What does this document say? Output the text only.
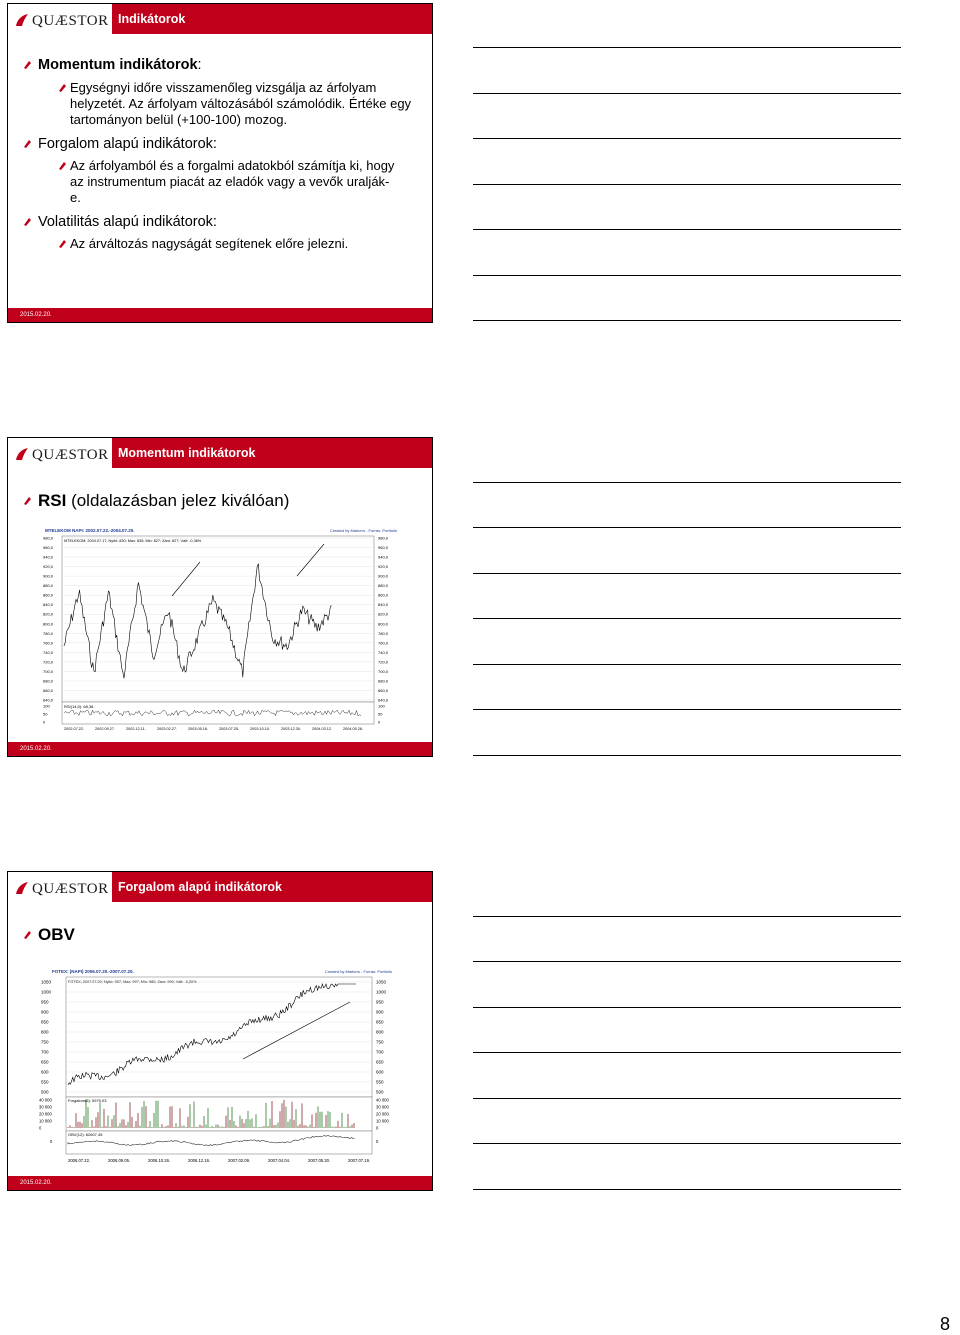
QUÆSTOR Indikátorok
Momentum indikátorok:
Egységnyi időre visszamenőleg vizsgálja az árfolyam helyzetét. Az árfolyam változásából számolódik. Értéke egy tartományon belül (+100-100) mozog.
Forgalom alapú indikátorok:
Az árfolyamból és a forgalmi adatokból számítja ki, hogy az instrumentum piacát az eladók vagy a vevők uralják-e.
Volatilitás alapú indikátorok:
Az árváltozás nagyságát segítenek előre jelezni.
2015.02.20.
QUÆSTOR Momentum indikátorok
RSI (oldalazásban jelez kiválóan)
MTELEKOM NAPI: 2002.07.22.-2004.07.20.	Created by Markers - Forrás: Portfolió
MTELEKOM; 2004.07.17; Nyitó: 830; Max: 835; Min: 827; Záró: 827; Vált: -0,36%
RSI(14,5): 68,38
980,0	980,0
960,0	960,0
940,0	940,0
920,0	920,0
900,0	900,0
880,0	880,0
860,0	860,0
840,0	840,0
820,0	820,0
800,0	800,0
780,0	780,0
760,0	760,0
740,0	740,0
720,0	720,0
700,0	700,0
680,0	680,0
660,0	660,0
640,0	640,0
100	100
50	50
0	0
2002.07.22.	2002.09.27.	2002.12.11.	2003.02.27.	2003.05.16.	2003.07.25.	2003.10.10.	2003.12.30.	2004.03.12.	2004.05.26.
2015.02.20.
QUÆSTOR Forgalom alapú indikátorok
OBV
FOTEX: (NAPI) 2006.07.20.-2007.07.20.	Created by Markers - Forrás: Portfolió
FOTEX; 2007.07.20; Nyitó: 997; Max: 997; Min: 980; Záró: 990; Vált: -0,20%
Forgalom(5): 5979,03
OBV(12): 62607,45
1050	1050
1000	1000
950	950
900	900
850	850
800	800
750	750
700	700
650	650
600	600
550	550
500	500
40 000	40 000
30 000	30 000
20 000	20 000
10 000	10 000
0	0
0	0
2006.07.22.	2006.09.05.	2006.10.26.	2006.12.16.	2007.02.09.	2007.04.04.	2007.05.30.	2007.07.19.
2015.02.20.
8
